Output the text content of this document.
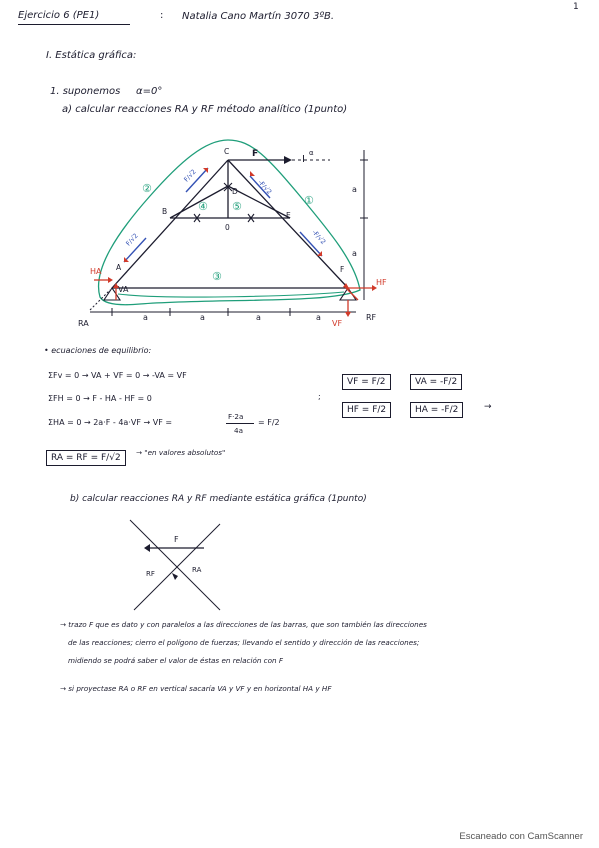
1
Ejercicio 6 (PE1)	: Natalia Cano Martín 3070 3ºB.
I. Estática gráfica:
1. suponemos α=0°
a) calcular reacciones RA y RF método analítico (1punto)
C
B
D
E
A	F
0
F	I
α
②
①
④ ⑤
③
F/√2
F/√2
-F/√2
-F/√2
HA
VA
RA
HF
VF
RF
a	a	a	a
a
a
• ecuaciones de equilibrio:
ΣFv = 0 → VA + VF = 0 → -VA = VF
ΣFH = 0 → F - HA - HF = 0
ΣHA = 0 → 2a·F - 4a·VF → VF =
F·2a
4a
= F/2
;
VF = F/2	VA = -F/2
HF = F/2	HA = -F/2	→
RA = RF = F/√2
→ "en valores absolutos"
b) calcular reacciones RA y RF mediante estática gráfica (1punto)
F
RF	RA
→ trazo F que es dato y con paralelos a las direcciones de las barras, que son también las direcciones
de las reacciones; cierro el polígono de fuerzas; llevando el sentido y dirección de las reacciones;
midiendo se podrá saber el valor de éstas en relación con F
→ si proyectase RA o RF en vertical sacaría VA y VF y en horizontal HA y HF
Escaneado con CamScanner
